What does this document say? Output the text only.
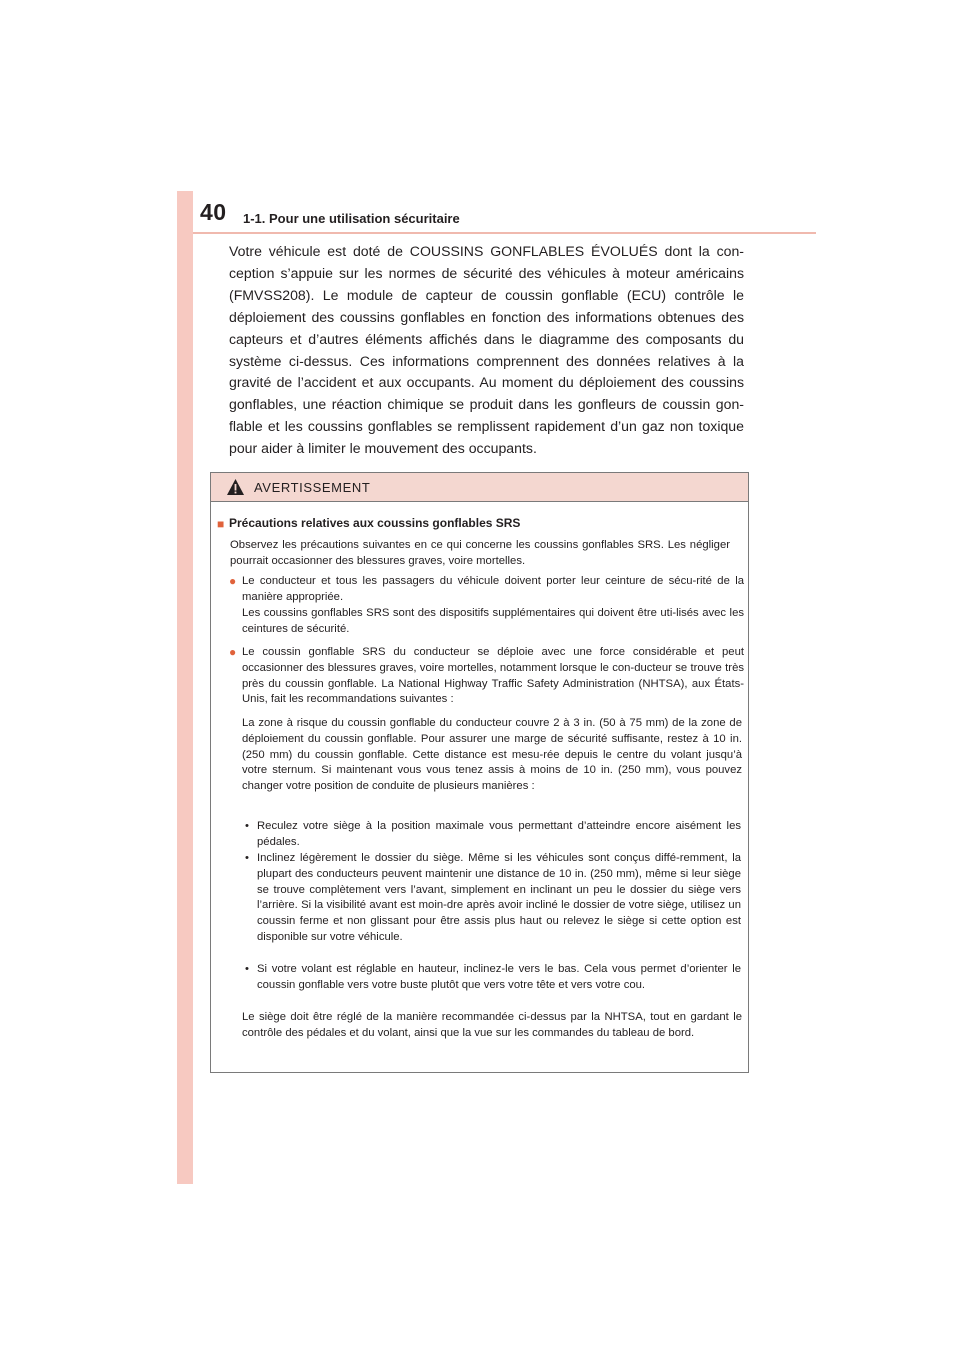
40 1-1. Pour une utilisation sécuritaire

Votre véhicule est doté de COUSSINS GONFLABLES ÉVOLUÉS dont la con-ception s’appuie sur les normes de sécurité des véhicules à moteur américains (FMVSS208). Le module de capteur de coussin gonflable (ECU) contrôle le déploiement des coussins gonflables en fonction des informations obtenues des capteurs et d’autres éléments affichés dans le diagramme des composants du système ci-dessus. Ces informations comprennent des données relatives à la gravité de l’accident et aux occupants. Au moment du déploiement des coussins gonflables, une réaction chimique se produit dans les gonfleurs de coussin gon-flable et les coussins gonflables se remplissent rapidement d’un gaz non toxique pour aider à limiter le mouvement des occupants.

AVERTISSEMENT
■ Précautions relatives aux coussins gonflables SRS

Observez les précautions suivantes en ce qui concerne les coussins gonflables SRS. Les négliger pourrait occasionner des blessures graves, voire mortelles.

● Le conducteur et tous les passagers du véhicule doivent porter leur ceinture de sécu-rité de la manière appropriée.

Les coussins gonflables SRS sont des dispositifs supplémentaires qui doivent être uti-lisés avec les ceintures de sécurité.

● Le coussin gonflable SRS du conducteur se déploie avec une force considérable et peut occasionner des blessures graves, voire mortelles, notamment lorsque le con-ducteur se trouve très près du coussin gonflable. La National Highway Traffic Safety Administration (NHTSA), aux États-Unis, fait les recommandations suivantes :

La zone à risque du coussin gonflable du conducteur couvre 2 à 3 in. (50 à 75 mm) de la zone de déploiement du coussin gonflable. Pour assurer une marge de sécurité suffisante, restez à 10 in. (250 mm) du coussin gonflable. Cette distance est mesu-rée depuis le centre du volant jusqu’à votre sternum. Si maintenant vous vous tenez assis à moins de 10 in. (250 mm), vous pouvez changer votre position de conduite de plusieurs manières :

• Reculez votre siège à la position maximale vous permettant d’atteindre encore aisément les pédales.

• Inclinez légèrement le dossier du siège. Même si les véhicules sont conçus diffé-remment, la plupart des conducteurs peuvent maintenir une distance de 10 in. (250 mm), même si leur siège se trouve complètement vers l’avant, simplement en inclinant un peu le dossier du siège vers l’arrière. Si la visibilité avant est moin-dre après avoir incliné le dossier de votre siège, utilisez un coussin ferme et non glissant pour être assis plus haut ou relevez le siège si cette option est disponible sur votre véhicule.

• Si votre volant est réglable en hauteur, inclinez-le vers le bas. Cela vous permet d’orienter le coussin gonflable vers votre buste plutôt que vers votre tête et vers votre cou.

Le siège doit être réglé de la manière recommandée ci-dessus par la NHTSA, tout en gardant le contrôle des pédales et du volant, ainsi que la vue sur les commandes du tableau de bord.
